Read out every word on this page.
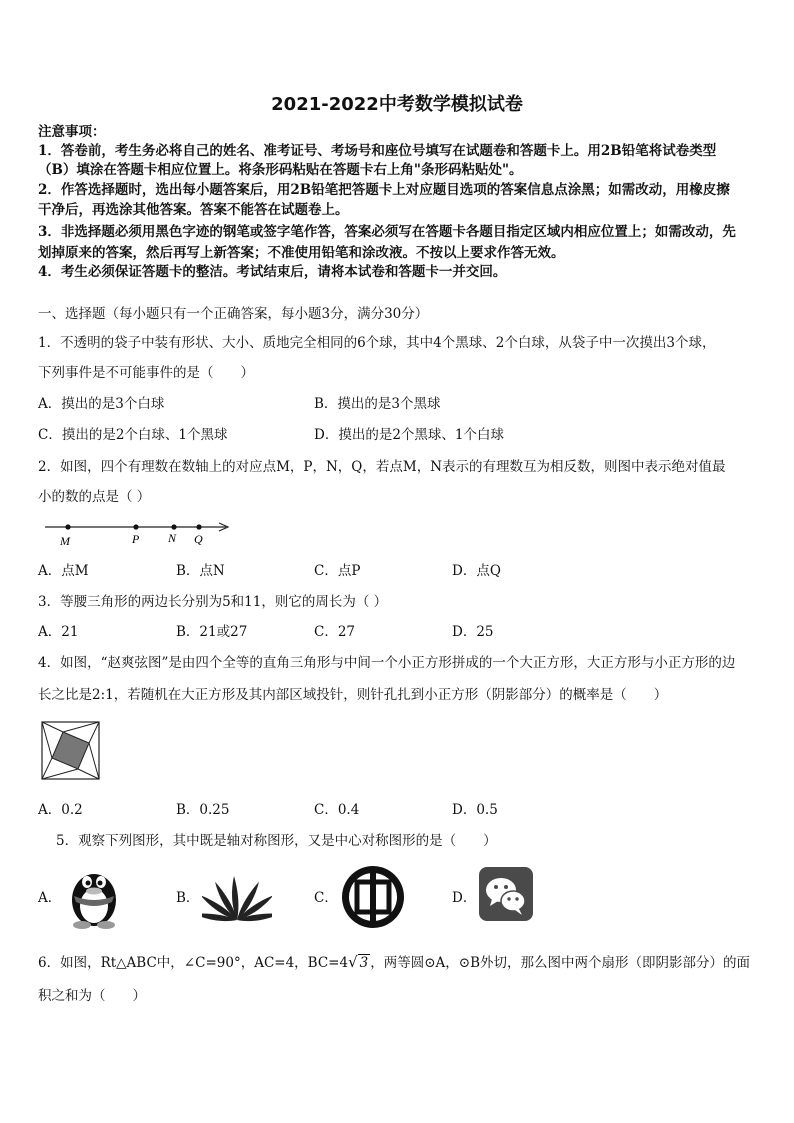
2021-2022中考数学模拟试卷
注意事项：
1．答卷前，考生务必将自己的姓名、准考证号、考场号和座位号填写在试题卷和答题卡上。用2B铅笔将试卷类型
（B）填涂在答题卡相应位置上。将条形码粘贴在答题卡右上角"条形码粘贴处"。
2．作答选择题时，选出每小题答案后，用2B铅笔把答题卡上对应题目选项的答案信息点涂黑；如需改动，用橡皮擦
干净后，再选涂其他答案。答案不能答在试题卷上。
3．非选择题必须用黑色字迹的钢笔或签字笔作答，答案必须写在答题卡各题目指定区域内相应位置上；如需改动，先
划掉原来的答案，然后再写上新答案；不准使用铅笔和涂改液。不按以上要求作答无效。
4．考生必须保证答题卡的整洁。考试结束后，请将本试卷和答题卡一并交回。
一、选择题（每小题只有一个正确答案，每小题3分，满分30分）
1．不透明的袋子中装有形状、大小、质地完全相同的6个球，其中4个黑球、2个白球，从袋子中一次摸出3个球，
下列事件是不可能事件的是（　　）
A．摸出的是3个白球	B．摸出的是3个黑球
C．摸出的是2个白球、1个黑球	D．摸出的是2个黑球、1个白球
2．如图，四个有理数在数轴上的对应点M，P，N，Q，若点M，N表示的有理数互为相反数，则图中表示绝对值最
小的数的点是（ ）
M	P N Q
A．点M	B．点N	C．点P	D．点Q
3．等腰三角形的两边长分别为5和11，则它的周长为（ ）
A．21	B．21或27	C．27	D．25
4．如图，“赵爽弦图”是由四个全等的直角三角形与中间一个小正方形拼成的一个大正方形，大正方形与小正方形的边
长之比是2:1，若随机在大正方形及其内部区域投针，则针孔扎到小正方形（阴影部分）的概率是（　　）
A．0.2	B．0.25	C．0.4	D．0.5
5．观察下列图形，其中既是轴对称图形，又是中心对称图形的是（　　）
A．	B．	C．	D．
6．如图，Rt△ABC中，∠C=90°，AC=4，BC=4√ 3 ，两等圆⊙A，⊙B外切，那么图中两个扇形（即阴影部分）的面
积之和为（　　）
